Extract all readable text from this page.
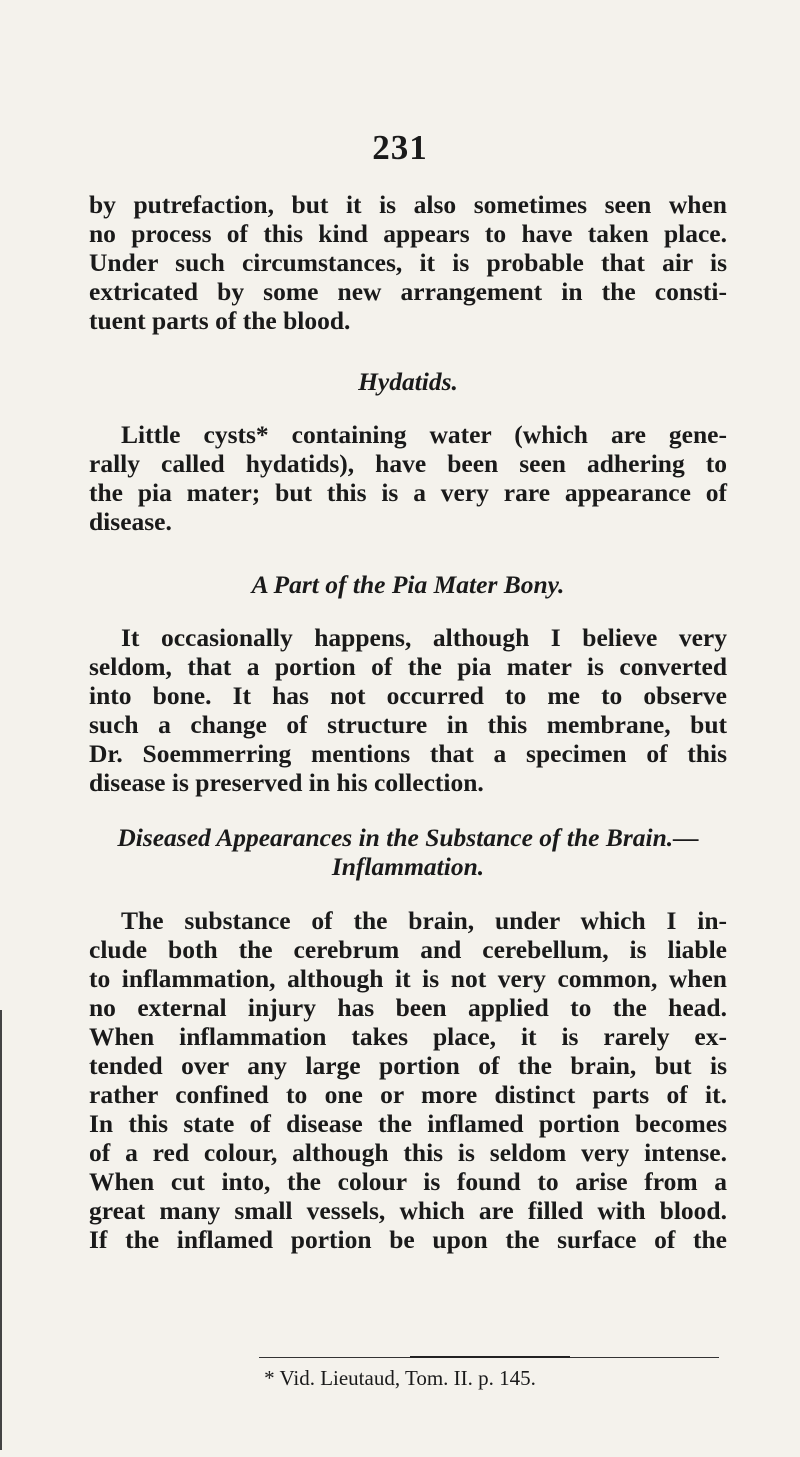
231
by putrefaction, but it is also sometimes seen when
no process of this kind appears to have taken place.
Under such circumstances, it is probable that air is
extricated by some new arrangement in the consti-
tuent parts of the blood.
Hydatids.
Little cysts* containing water (which are gene-
rally called hydatids), have been seen adhering to
the pia mater; but this is a very rare appearance of
disease.
A Part of the Pia Mater Bony.
It occasionally happens, although I believe very
seldom, that a portion of the pia mater is converted
into bone. It has not occurred to me to observe
such a change of structure in this membrane, but
Dr. Soemmerring mentions that a specimen of this
disease is preserved in his collection.
Diseased Appearances in the Substance of the Brain.—
Inflammation.
The substance of the brain, under which I in-
clude both the cerebrum and cerebellum, is liable
to inflammation, although it is not very common, when
no external injury has been applied to the head.
When inflammation takes place, it is rarely ex-
tended over any large portion of the brain, but is
rather confined to one or more distinct parts of it.
In this state of disease the inflamed portion becomes
of a red colour, although this is seldom very intense.
When cut into, the colour is found to arise from a
great many small vessels, which are filled with blood.
If the inflamed portion be upon the surface of the
* Vid. Lieutaud, Tom. II. p. 145.
